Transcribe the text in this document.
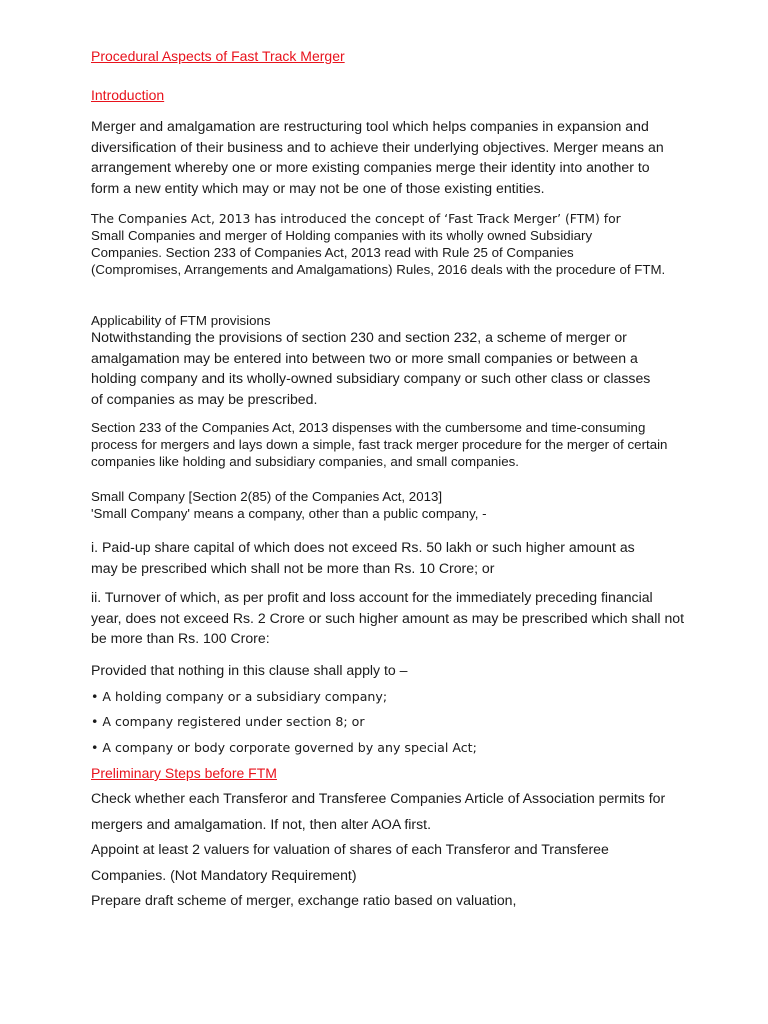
Procedural Aspects of Fast Track Merger
Introduction
Merger and amalgamation are restructuring tool which helps companies in expansion and diversification of their business and to achieve their underlying objectives. Merger means an arrangement whereby one or more existing companies merge their identity into another to form a new entity which may or may not be one of those existing entities.
The Companies Act, 2013 has introduced the concept of ‘Fast Track Merger’ (FTM) for
Small Companies and merger of Holding companies with its wholly owned Subsidiary Companies. Section 233 of Companies Act, 2013 read with Rule 25 of Companies (Compromises, Arrangements and Amalgamations) Rules, 2016 deals with the procedure of FTM.
Applicability of FTM provisions
Notwithstanding the provisions of section 230 and section 232, a scheme of merger or amalgamation may be entered into between two or more small companies or between a holding company and its wholly-owned subsidiary company or such other class or classes of companies as may be prescribed.
Section 233 of the Companies Act, 2013 dispenses with the cumbersome and time-consuming process for mergers and lays down a simple, fast track merger procedure for the merger of certain companies like holding and subsidiary companies, and small companies.
Small Company [Section 2(85) of the Companies Act, 2013]
'Small Company' means a company, other than a public company, -
i. Paid-up share capital of which does not exceed Rs. 50 lakh or such higher amount as may be prescribed which shall not be more than Rs. 10 Crore; or
ii. Turnover of which, as per profit and loss account for the immediately preceding financial year, does not exceed Rs. 2 Crore or such higher amount as may be prescribed which shall not be more than Rs. 100 Crore:
Provided that nothing in this clause shall apply to –
• A holding company or a subsidiary company;
• A company registered under section 8; or
• A company or body corporate governed by any special Act;
Preliminary Steps before FTM
Check whether each Transferor and Transferee Companies Article of Association permits for mergers and amalgamation. If not, then alter AOA first.
Appoint at least 2 valuers for valuation of shares of each Transferor and Transferee Companies. (Not Mandatory Requirement)
Prepare draft scheme of merger, exchange ratio based on valuation,
